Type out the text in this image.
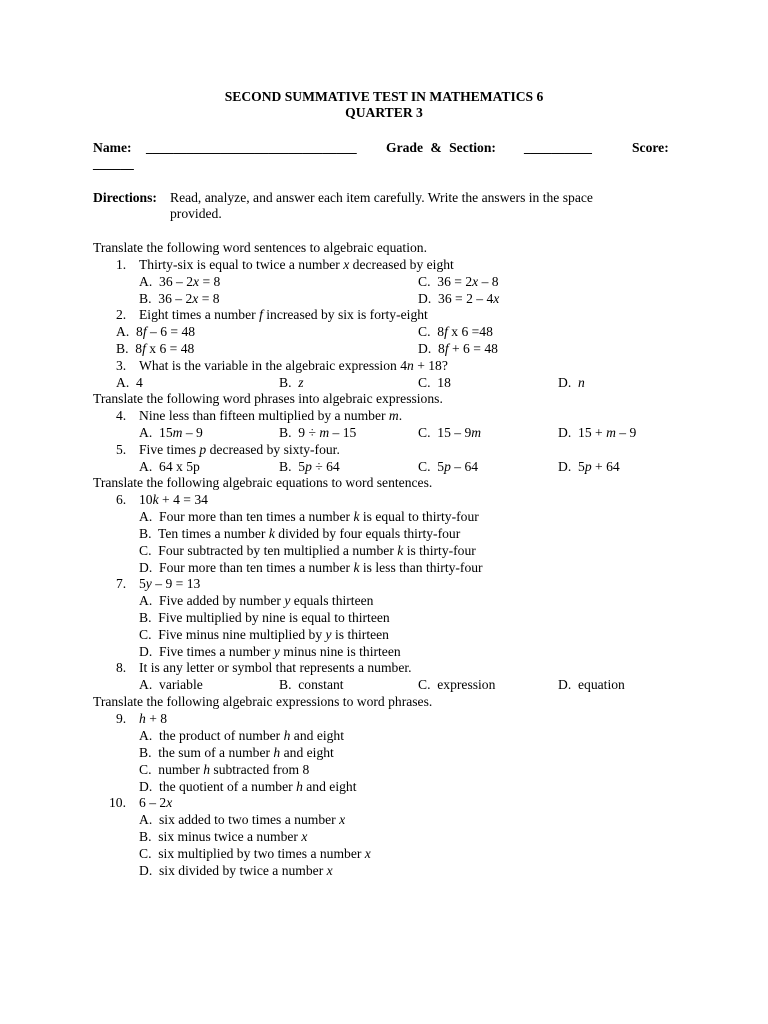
SECOND SUMMATIVE TEST IN MATHEMATICS 6
QUARTER 3
Name: _______________________________ Grade & Section: __________	Score:
______
Directions: Read, analyze, and answer each item carefully. Write the answers in the space
provided.
Translate the following word sentences to algebraic equation.
Translate the following word phrases into algebraic expressions.
Translate the following algebraic equations to word sentences.
Translate the following algebraic expressions to word phrases.
1. Thirty-six is equal to twice a number x decreased by eight
A. 36 – 2x = 8
B. 36 – 2x = 8
C. 36 = 2x – 8
D. 36 = 2 – 4x
2. Eight times a number f increased by six is forty-eight
A. 8f – 6 = 48
B. 8f x 6 = 48
C. 8f x 6 =48
D. 8f + 6 = 48
3. What is the variable in the algebraic expression 4n + 18?
A. 4	B. z	C. 18	D. n
4. Nine less than fifteen multiplied by a number m.
A. 15m – 9	B. 9 ÷ m – 15	C. 15 – 9m	D. 15 + m – 9
5. Five times p decreased by sixty-four.
A. 64 x 5p	B. 5p ÷ 64	C. 5p – 64	D. 5p + 64
6. 10k + 4 = 34
A. Four more than ten times a number k is equal to thirty-four
B. Ten times a number k divided by four equals thirty-four
C. Four subtracted by ten multiplied a number k is thirty-four
D. Four more than ten times a number k is less than thirty-four
7. 5y – 9 = 13
A. Five added by number y equals thirteen
B. Five multiplied by nine is equal to thirteen
C. Five minus nine multiplied by y is thirteen
D. Five times a number y minus nine is thirteen
8. It is any letter or symbol that represents a number.
A. variable	B. constant	C. expression	D. equation
9. h + 8
A. the product of number h and eight
B. the sum of a number h and eight
C. number h subtracted from 8
D. the quotient of a number h and eight
10. 6 – 2x
A. six added to two times a number x
B. six minus twice a number x
C. six multiplied by two times a number x
D. six divided by twice a number x
